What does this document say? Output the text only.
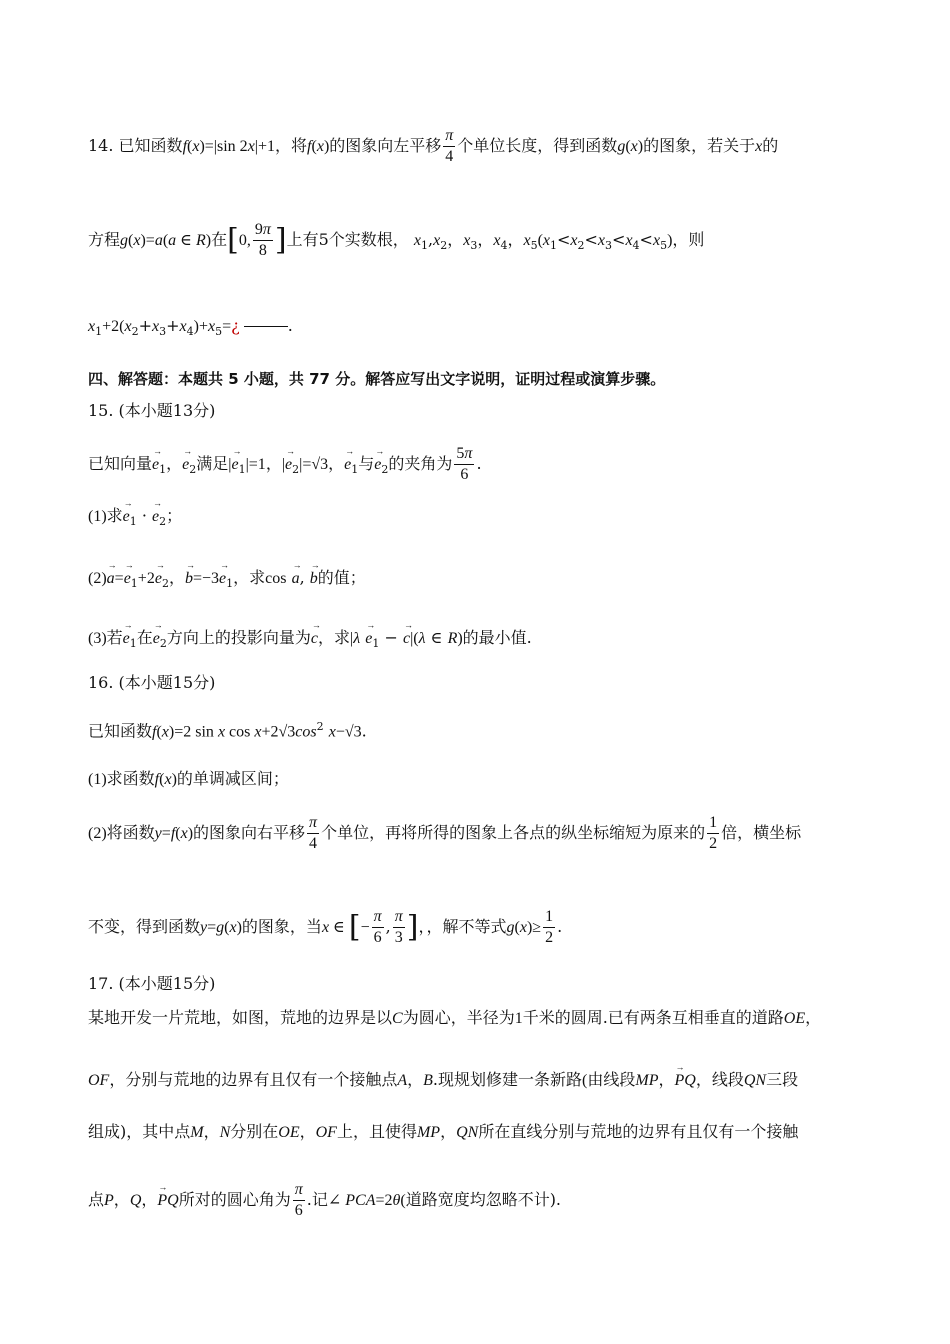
14. 已知函数f(x)=|sin 2x|+1，将f(x)的图象向左平移 $\frac{\pi}{4}$ 个单位长度，得到函数g(x)的图象，若关于x的
方程g(x)=a(a ∈ R)在[0, $\frac{9\pi}{8}$ ]上有5个实数根， $x_1,x_2$，$x_3$，$x_4$，$x_5(x_1<x_2<x_3<x_4<x_5)$，则
$x_1+2(x_2+x_3+x_4)+x_5=¿$	.
四、解答题：本题共 5 小题，共 77 分。解答应写出文字说明，证明过程或演算步骤。
15. (本小题13分)
已知向量→ $e_1$，→ $e_2$满足|→ $e_1|=1$，|→ $e_2|=√3$，→ $e_1$与→ $e_2$的夹角为 $\frac{5\pi}{6}$ .
(1)求→ $e_1$ · → $e_2$；
$(2)\to a=\to e_1+2\to e_2$，→ $b=-3\to e_1$，求cos → a, → b的值；
(3)若→ $e_1$在→ $e_2$方向上的投影向量为→ c，求$|\lambda \to e_1$ − → c|(λ ∈ R)的最小值.
16. (本小题15分)
已知函数f(x)=2 sin x $\cos x+2√3\cos^2$ x−√3.
(1)求函数f(x)的单调减区间；
(2)将函数y=f(x)的图象向右平移 $\frac{\pi}{4}$ 个单位，再将所得的图象上各点的纵坐标缩短为原来的 $\frac{1}{2}$ 倍，横坐标
不变，得到函数y=g(x)的图象，当x ∈ [− $\frac{\pi}{6}$ , $\frac{\pi}{3}$ ]，，解不等式$g(x)\ge \frac{1}{2}$ .
17. (本小题15分)
某地开发一片荒地，如图，荒地的边界是以C为圆心，半径为1千米的圆周.已有两条互相垂直的道路OE，
OF，分别与荒地的边界有且仅有一个接触点A，B.现规划修建一条新路(由线段MP，→ PQ，线段QN三段
组成)，其中点M，N分别在OE，OF上，且使得MP，QN所在直线分别与荒地的边界有且仅有一个接触
点P，Q，→ PQ所对的圆心角为 $\frac{\pi}{6}$ .记∠ PCA=2θ(道路宽度均忽略不计).
